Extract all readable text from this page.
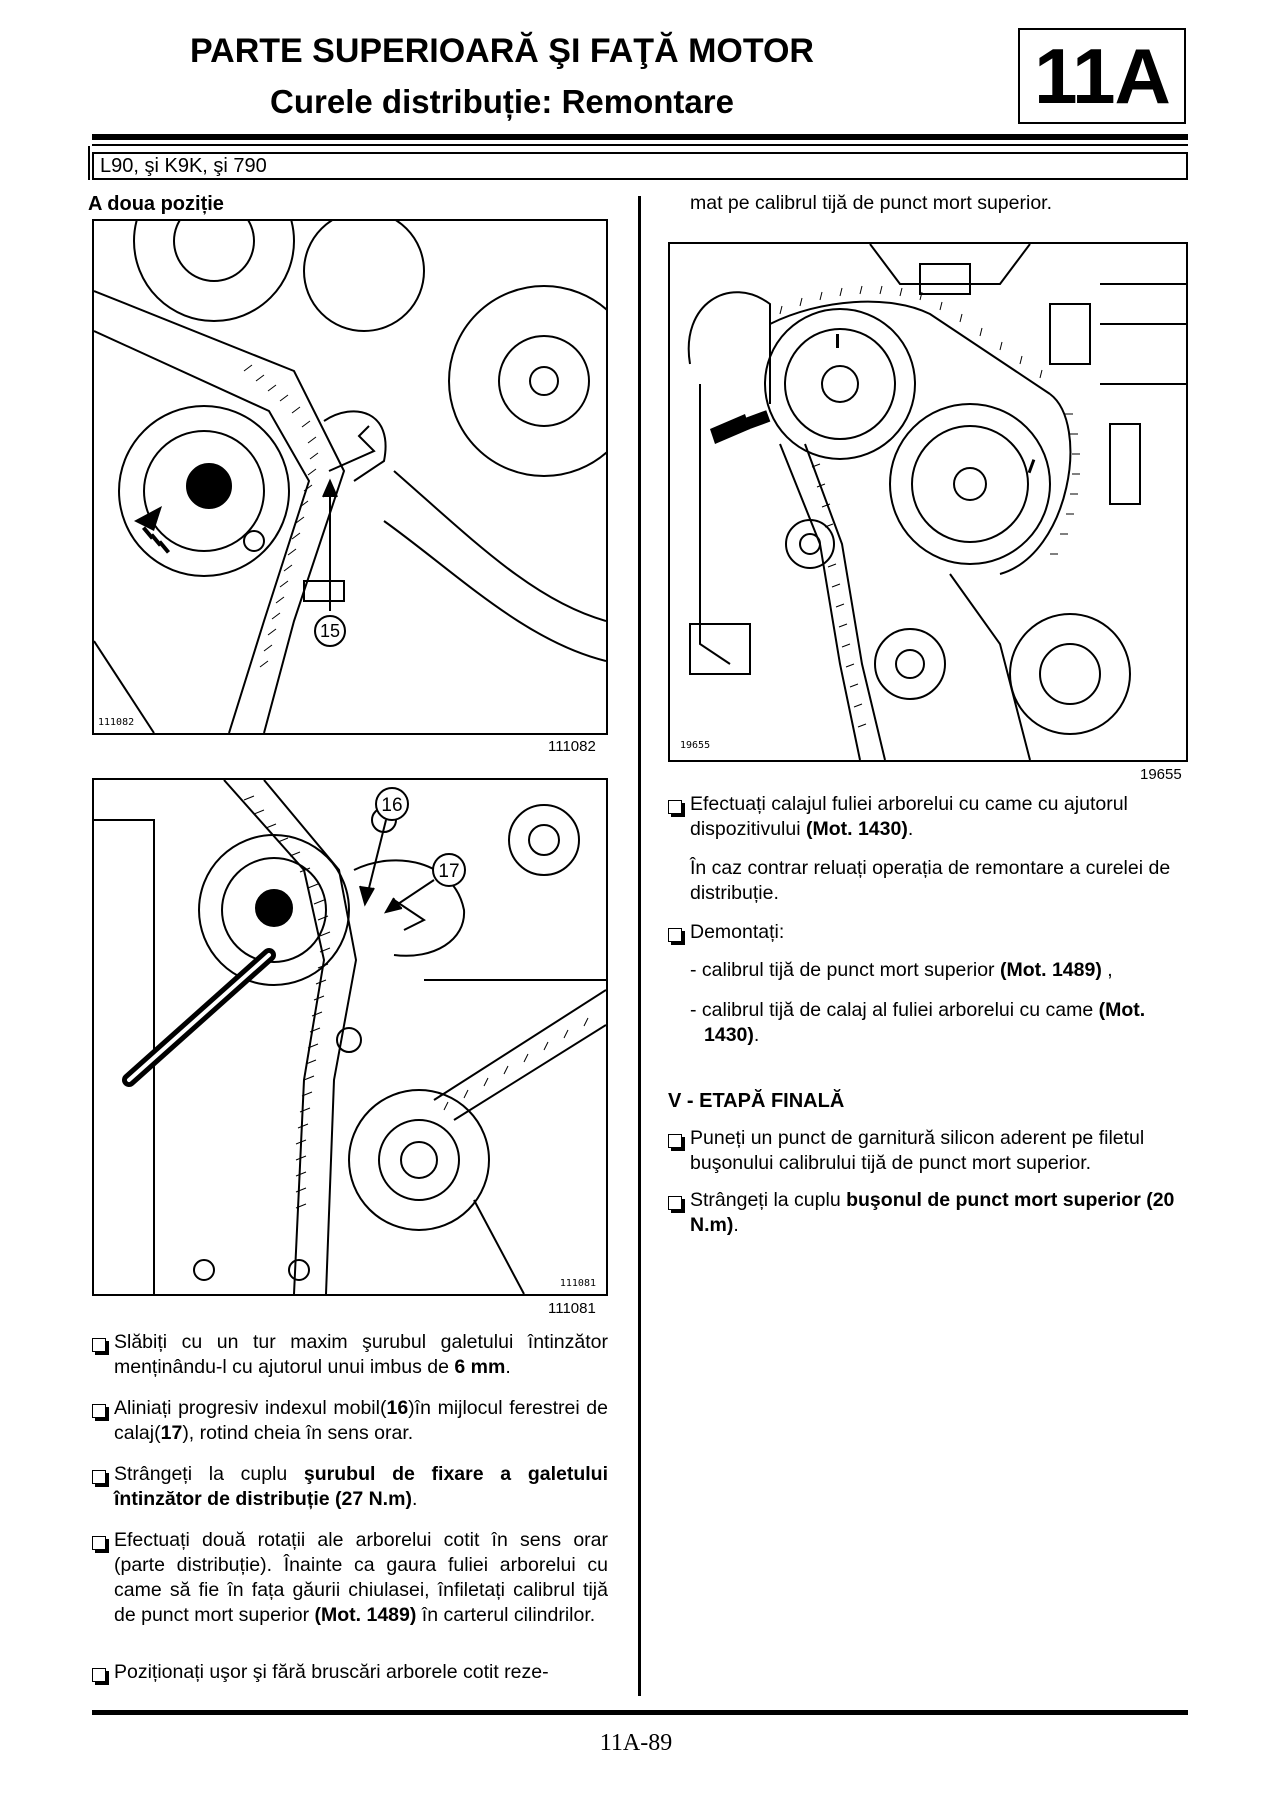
PARTE SUPERIOARĂ ŞI FAŢĂ MOTOR
Curele distribuție: Remontare	11A
L90, şi K9K, şi 790
A doua poziție
15
111082
111082
16
17
111081
111081
Slăbiți cu un tur maxim şurubul galetului întinzător menținându-l cu ajutorul unui imbus de 6 mm.
Aliniați progresiv indexul mobil(16)în mijlocul ferestrei de calaj(17), rotind cheia în sens orar.
Strângeți la cuplu şurubul de fixare a galetului întinzător de distribuție (27 N.m).
Efectuați două rotații ale arborelui cotit în sens orar (parte distribuție). Înainte ca gaura fuliei arborelui cu came să fie în fața găurii chiulasei, înfiletați calibrul tijă de punct mort superior (Mot. 1489) în carterul cilindrilor.
Poziționați uşor şi fără bruscări arborele cotit reze-
mat pe calibrul tijă de punct mort superior.
19655
19655
Efectuați calajul fuliei arborelui cu came cu ajutorul dispozitivului (Mot. 1430).
În caz contrar reluați operația de remontare a curelei de distribuție.
Demontați:
- calibrul tijă de punct mort superior (Mot. 1489) ,
- calibrul tijă de calaj al fuliei arborelui cu came (Mot. 1430).
V - ETAPĂ FINALĂ
Puneți un punct de garnitură silicon aderent pe filetul buşonului calibrului tijă de punct mort superior.
Strângeți la cuplu buşonul de punct mort superior (20 N.m).
11A-89
